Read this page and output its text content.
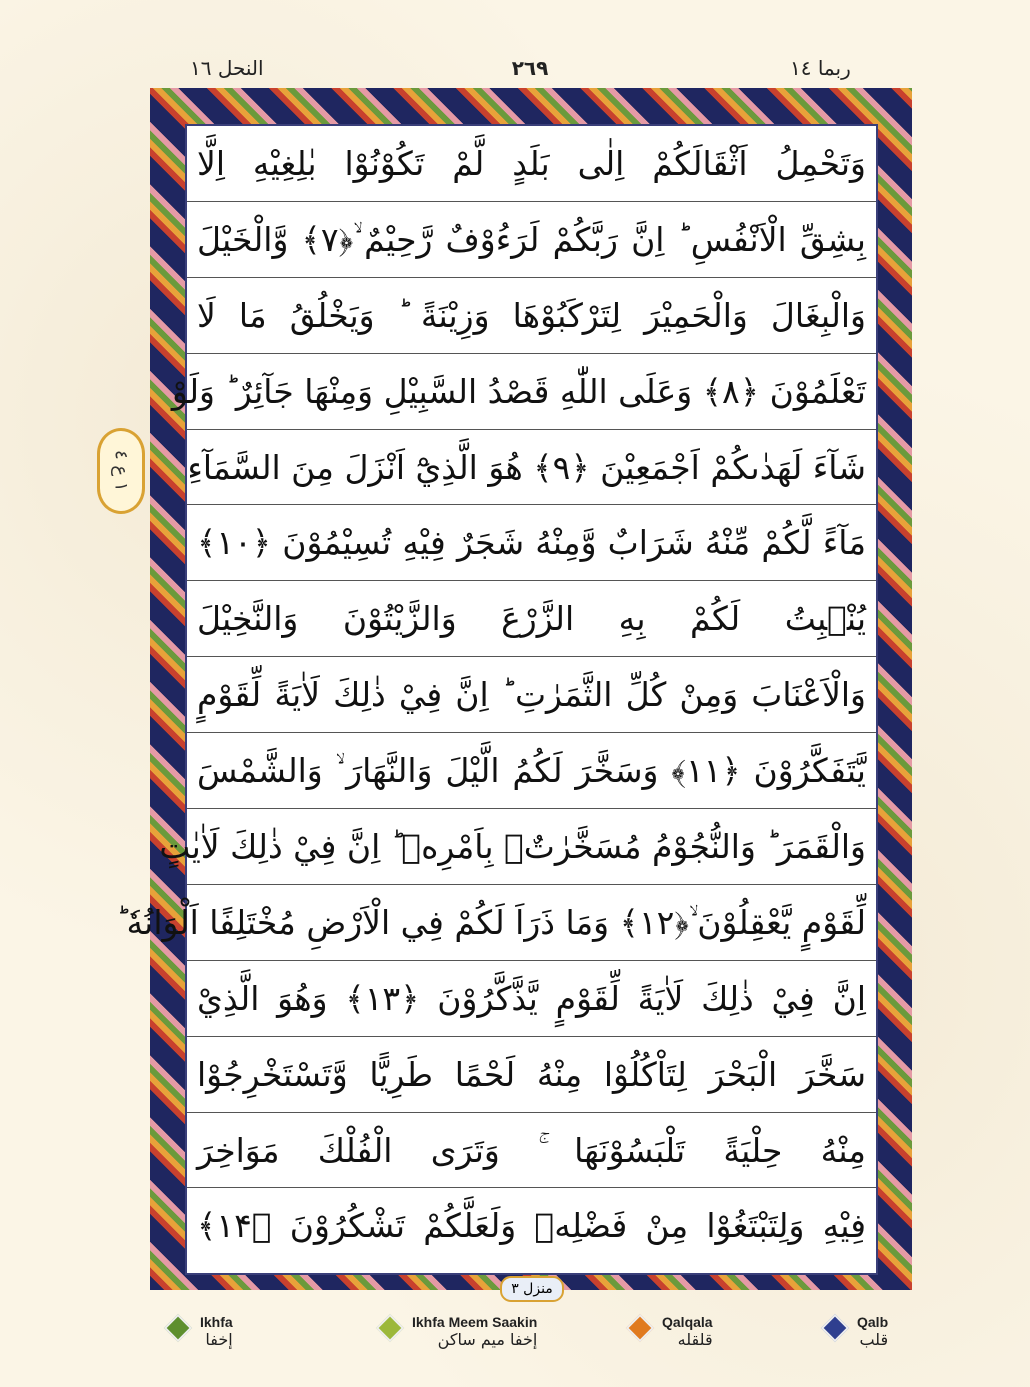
النحل ١٦	٢٦٩	ربما ١٤
وَتَحْمِلُ اَثْقَالَكُمْ اِلٰى بَلَدٍ لَّمْ تَكُوْنُوْا بٰلِغِيْهِ اِلَّا
بِشِقِّ الْاَنْفُسِ ؕ اِنَّ رَبَّكُمْ لَرَءُوْفٌ رَّحِيْمٌ ۙ﴿۷﴾ وَّالْخَيْلَ
وَالْبِغَالَ وَالْحَمِيْرَ لِتَرْكَبُوْهَا وَزِيْنَةً ؕ وَيَخْلُقُ مَا لَا
تَعْلَمُوْنَ ﴿۸﴾ وَعَلَى اللّٰهِ قَصْدُ السَّبِيْلِ وَمِنْهَا جَآئِرٌ ؕ وَلَوْ
شَآءَ لَهَدٰىكُمْ اَجْمَعِيْنَ ﴿۹﴾ هُوَ الَّذِيْٓ اَنْزَلَ مِنَ السَّمَآءِ
مَآءً لَّكُمْ مِّنْهُ شَرَابٌ وَّمِنْهُ شَجَرٌ فِيْهِ تُسِيْمُوْنَ ﴿۱۰﴾
يُنْۢبِتُ لَكُمْ بِهِ الزَّرْعَ وَالزَّيْتُوْنَ وَالنَّخِيْلَ
وَالْاَعْنَابَ وَمِنْ كُلِّ الثَّمَرٰتِ ؕ اِنَّ فِيْ ذٰلِكَ لَاٰيَةً لِّقَوْمٍ
يَّتَفَكَّرُوْنَ ﴿۱۱﴾ وَسَخَّرَ لَكُمُ الَّيْلَ وَالنَّهَارَ ۙ وَالشَّمْسَ
وَالْقَمَرَ ؕ وَالنُّجُوْمُ مُسَخَّرٰتٌۢ بِاَمْرِهٖ ؕ اِنَّ فِيْ ذٰلِكَ لَاٰيٰتٍ
لِّقَوْمٍ يَّعْقِلُوْنَ ۙ﴿۱۲﴾ وَمَا ذَرَاَ لَكُمْ فِي الْاَرْضِ مُخْتَلِفًا اَلْوَانُهٗ ؕ
اِنَّ فِيْ ذٰلِكَ لَاٰيَةً لِّقَوْمٍ يَّذَّكَّرُوْنَ ﴿۱۳﴾ وَهُوَ الَّذِيْ
سَخَّرَ الْبَحْرَ لِتَاْكُلُوْا مِنْهُ لَحْمًا طَرِيًّا وَّتَسْتَخْرِجُوْا
مِنْهُ حِلْيَةً تَلْبَسُوْنَهَا ۚ وَتَرَى الْفُلْكَ مَوَاخِرَ
فِيْهِ وَلِتَبْتَغُوْا مِنْ فَضْلِهٖ وَلَعَلَّكُمْ تَشْكُرُوْنَ ﴿۱۴﴾
١ ع ٤
منزل ٣
Ikhfa
إخفا
Ikhfa Meem Saakin
إخفا میم ساکن
Qalqala
قلقله
Qalb
قلب
